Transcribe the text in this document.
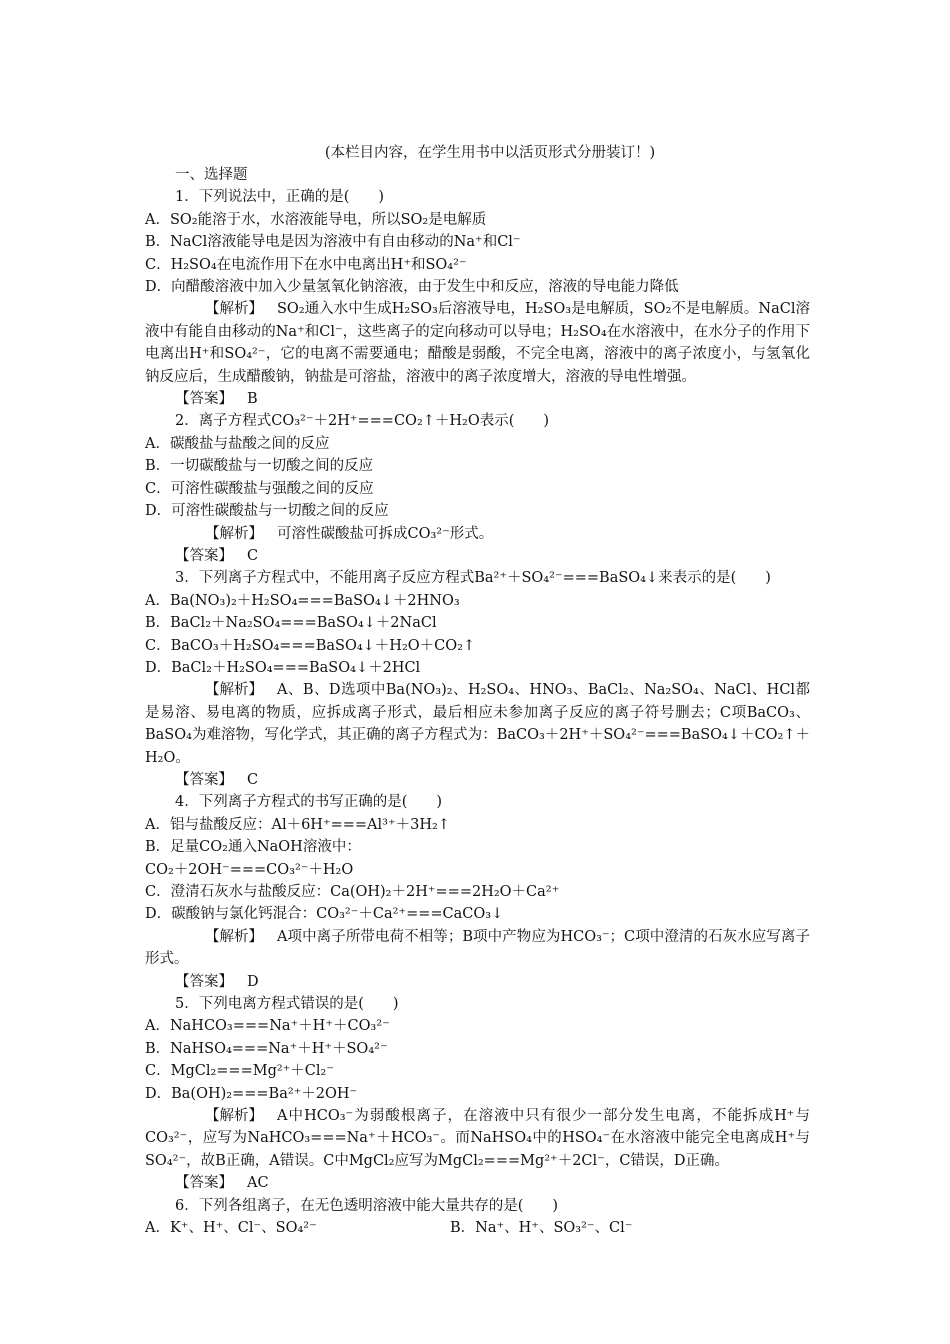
(本栏目内容，在学生用书中以活页形式分册装订！)
一、选择题
1．下列说法中，正确的是(　　)
A．SO₂能溶于水，水溶液能导电，所以SO₂是电解质
B．NaCl溶液能导电是因为溶液中有自由移动的Na⁺和Cl⁻
C．H₂SO₄在电流作用下在水中电离出H⁺和SO₄²⁻
D．向醋酸溶液中加入少量氢氧化钠溶液，由于发生中和反应，溶液的导电能力降低
【解析】 SO₂通入水中生成H₂SO₃后溶液导电，H₂SO₃是电解质，SO₂不是电解质。NaCl溶液中有能自由移动的Na⁺和Cl⁻，这些离子的定向移动可以导电；H₂SO₄在水溶液中，在水分子的作用下电离出H⁺和SO₄²⁻，它的电离不需要通电；醋酸是弱酸，不完全电离，溶液中的离子浓度小，与氢氧化钠反应后，生成醋酸钠，钠盐是可溶盐，溶液中的离子浓度增大，溶液的导电性增强。
【答案】 B
2．离子方程式CO₃²⁻＋2H⁺===CO₂↑＋H₂O表示(　　)
A．碳酸盐与盐酸之间的反应
B．一切碳酸盐与一切酸之间的反应
C．可溶性碳酸盐与强酸之间的反应
D．可溶性碳酸盐与一切酸之间的反应
【解析】 可溶性碳酸盐可拆成CO₃²⁻形式。
【答案】 C
3．下列离子方程式中，不能用离子反应方程式Ba²⁺＋SO₄²⁻===BaSO₄↓来表示的是(　　)
A．Ba(NO₃)₂＋H₂SO₄===BaSO₄↓＋2HNO₃
B．BaCl₂＋Na₂SO₄===BaSO₄↓＋2NaCl
C．BaCO₃＋H₂SO₄===BaSO₄↓＋H₂O＋CO₂↑
D．BaCl₂＋H₂SO₄===BaSO₄↓＋2HCl
【解析】 A、B、D选项中Ba(NO₃)₂、H₂SO₄、HNO₃、BaCl₂、Na₂SO₄、NaCl、HCl都是易溶、易电离的物质，应拆成离子形式，最后相应未参加离子反应的离子符号删去；C项BaCO₃、BaSO₄为难溶物，写化学式，其正确的离子方程式为：BaCO₃＋2H⁺＋SO₄²⁻===BaSO₄↓＋CO₂↑＋H₂O。
【答案】 C
4．下列离子方程式的书写正确的是(　　)
A．铝与盐酸反应：Al＋6H⁺===Al³⁺＋3H₂↑
B．足量CO₂通入NaOH溶液中：
CO₂＋2OH⁻===CO₃²⁻＋H₂O
C．澄清石灰水与盐酸反应：Ca(OH)₂＋2H⁺===2H₂O＋Ca²⁺
D．碳酸钠与氯化钙混合：CO₃²⁻＋Ca²⁺===CaCO₃↓
【解析】 A项中离子所带电荷不相等；B项中产物应为HCO₃⁻；C项中澄清的石灰水应写离子形式。
【答案】 D
5．下列电离方程式错误的是(　　)
A．NaHCO₃===Na⁺＋H⁺＋CO₃²⁻
B．NaHSO₄===Na⁺＋H⁺＋SO₄²⁻
C．MgCl₂===Mg²⁺＋Cl₂⁻
D．Ba(OH)₂===Ba²⁺＋2OH⁻
【解析】 A中HCO₃⁻为弱酸根离子，在溶液中只有很少一部分发生电离，不能拆成H⁺与CO₃²⁻，应写为NaHCO₃===Na⁺＋HCO₃⁻。而NaHSO₄中的HSO₄⁻在水溶液中能完全电离成H⁺与SO₄²⁻，故B正确，A错误。C中MgCl₂应写为MgCl₂===Mg²⁺＋2Cl⁻，C错误，D正确。
【答案】 AC
6．下列各组离子，在无色透明溶液中能大量共存的是(　　)
A．K⁺、H⁺、Cl⁻、SO₄²⁻	B．Na⁺、H⁺、SO₃²⁻、Cl⁻
